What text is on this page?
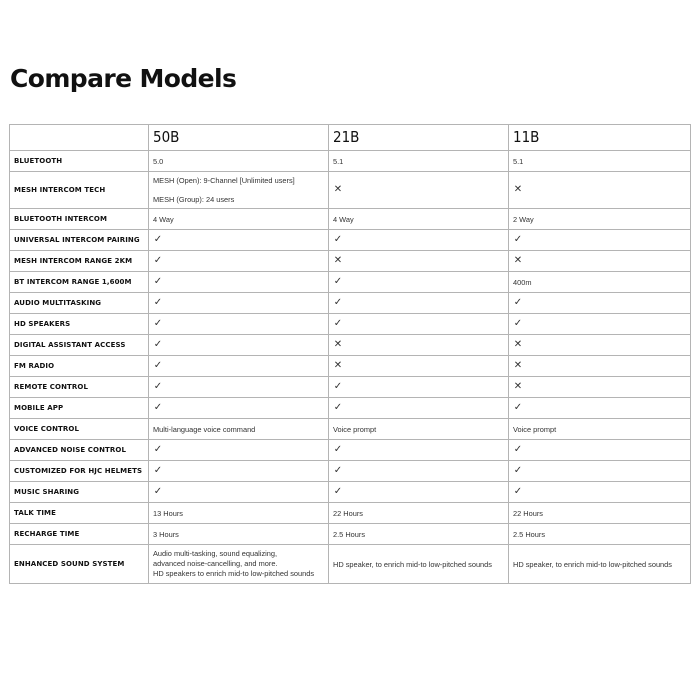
Compare Models
	50B	21B	11B
BLUETOOTH	5.0	5.1	5.1
MESH INTERCOM TECH	MESH (Open): 9-Channel [Unlimited users]
MESH (Group): 24 users	✕	✕
BLUETOOTH INTERCOM	4 Way	4 Way	2 Way
UNIVERSAL INTERCOM PAIRING	✓	✓	✓
MESH INTERCOM RANGE 2KM	✓	✕	✕
BT INTERCOM RANGE 1,600M	✓	✓	400m
AUDIO MULTITASKING	✓	✓	✓
HD SPEAKERS	✓	✓	✓
DIGITAL ASSISTANT ACCESS	✓	✕	✕
FM RADIO	✓	✕	✕
REMOTE CONTROL	✓	✓	✕
MOBILE APP	✓	✓	✓
VOICE CONTROL	Multi-language voice command	Voice prompt	Voice prompt
ADVANCED NOISE CONTROL	✓	✓	✓
CUSTOMIZED FOR HJC HELMETS	✓	✓	✓
MUSIC SHARING	✓	✓	✓
TALK TIME	13 Hours	22 Hours	22 Hours
RECHARGE TIME	3 Hours	2.5 Hours	2.5 Hours
ENHANCED SOUND SYSTEM	Audio multi-tasking, sound equalizing,
advanced noise-cancelling, and more.
HD speakers to enrich mid-to low-pitched sounds	HD speaker, to enrich mid-to low-pitched sounds	HD speaker, to enrich mid-to low-pitched sounds
